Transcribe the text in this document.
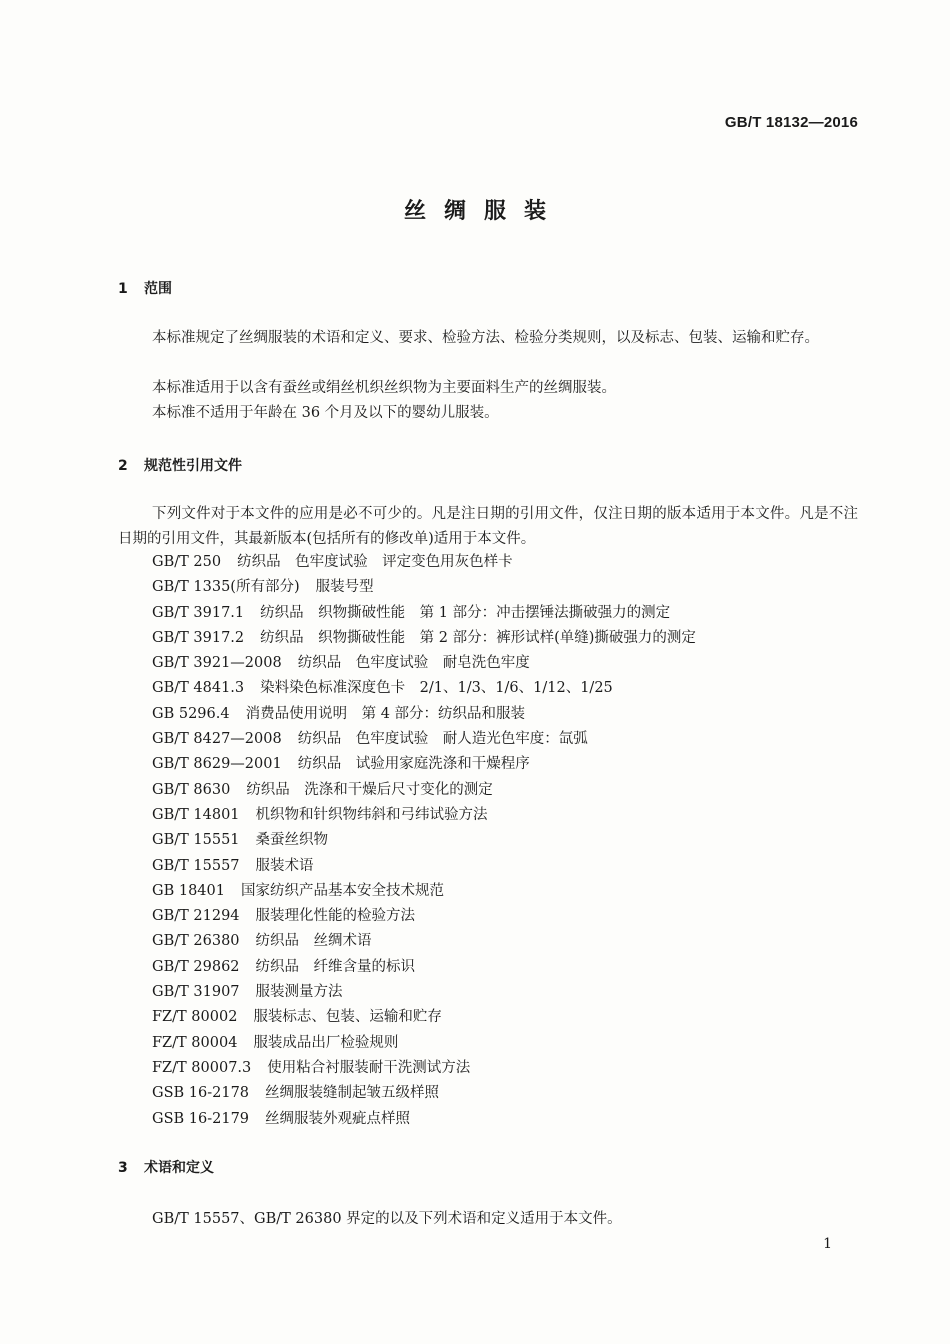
GB/T 18132—2016
丝绸服装
1 范围
本标准规定了丝绸服装的术语和定义、要求、检验方法、检验分类规则，以及标志、包装、运输和贮存。
本标准适用于以含有蚕丝或绢丝机织丝织物为主要面料生产的丝绸服装。
本标准不适用于年龄在 36 个月及以下的婴幼儿服装。
2 规范性引用文件
下列文件对于本文件的应用是必不可少的。凡是注日期的引用文件，仅注日期的版本适用于本文件。凡是不注日期的引用文件，其最新版本(包括所有的修改单)适用于本文件。
GB/T 250 纺织品　色牢度试验　评定变色用灰色样卡
GB/T 1335(所有部分) 服装号型
GB/T 3917.1 纺织品　织物撕破性能　第 1 部分：冲击摆锤法撕破强力的测定
GB/T 3917.2 纺织品　织物撕破性能　第 2 部分：裤形试样(单缝)撕破强力的测定
GB/T 3921—2008 纺织品　色牢度试验　耐皂洗色牢度
GB/T 4841.3 染料染色标准深度色卡　2/1、1/3、1/6、1/12、1/25
GB 5296.4 消费品使用说明　第 4 部分：纺织品和服装
GB/T 8427—2008 纺织品　色牢度试验　耐人造光色牢度：氙弧
GB/T 8629—2001 纺织品　试验用家庭洗涤和干燥程序
GB/T 8630 纺织品　洗涤和干燥后尺寸变化的测定
GB/T 14801 机织物和针织物纬斜和弓纬试验方法
GB/T 15551 桑蚕丝织物
GB/T 15557 服装术语
GB 18401 国家纺织产品基本安全技术规范
GB/T 21294 服装理化性能的检验方法
GB/T 26380 纺织品　丝绸术语
GB/T 29862 纺织品　纤维含量的标识
GB/T 31907 服装测量方法
FZ/T 80002 服装标志、包装、运输和贮存
FZ/T 80004 服装成品出厂检验规则
FZ/T 80007.3 使用粘合衬服装耐干洗测试方法
GSB 16-2178 丝绸服装缝制起皱五级样照
GSB 16-2179 丝绸服装外观疵点样照
3 术语和定义
GB/T 15557、GB/T 26380 界定的以及下列术语和定义适用于本文件。
1
